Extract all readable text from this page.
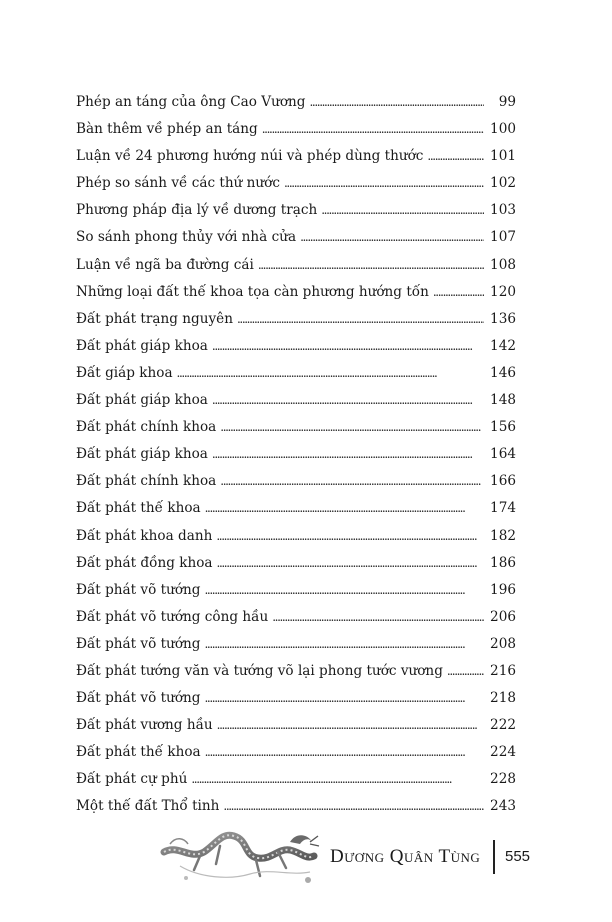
Phép an táng của ông Cao Vương . . .	99
Bàn thêm về phép an táng . . .	100
Luận về 24 phương hướng núi và phép dùng thước . . .	101
Phép so sánh về các thứ nước . . .	102
Phương pháp địa lý về dương trạch . . .	103
So sánh phong thủy với nhà cửa . . .	107
Luận về ngã ba đường cái . . .	108
Những loại đất thế khoa tọa càn phương hướng tốn . . .	120
Đất phát trạng nguyên . . .	136
Đất phát giáp khoa . . .	142
Đất giáp khoa . . .	146
Đất phát giáp khoa . . .	148
Đất phát chính khoa . . .	156
Đất phát giáp khoa . . .	164
Đất phát chính khoa . . .	166
Đất phát thế khoa . . .	174
Đất phát khoa danh . . .	182
Đất phát đồng khoa . . .	186
Đất phát võ tướng . . .	196
Đất phát võ tướng công hầu . . .	206
Đất phát võ tướng . . .	208
Đất phát tướng văn và tướng võ lại phong tước vương . . .	216
Đất phát võ tướng . . .	218
Đất phát vương hầu . . .	222
Đất phát thế khoa . . .	224
Đất phát cự phú . . .	228
Một thế đất Thổ tinh . . .	243
Dương Quân Tùng 555
